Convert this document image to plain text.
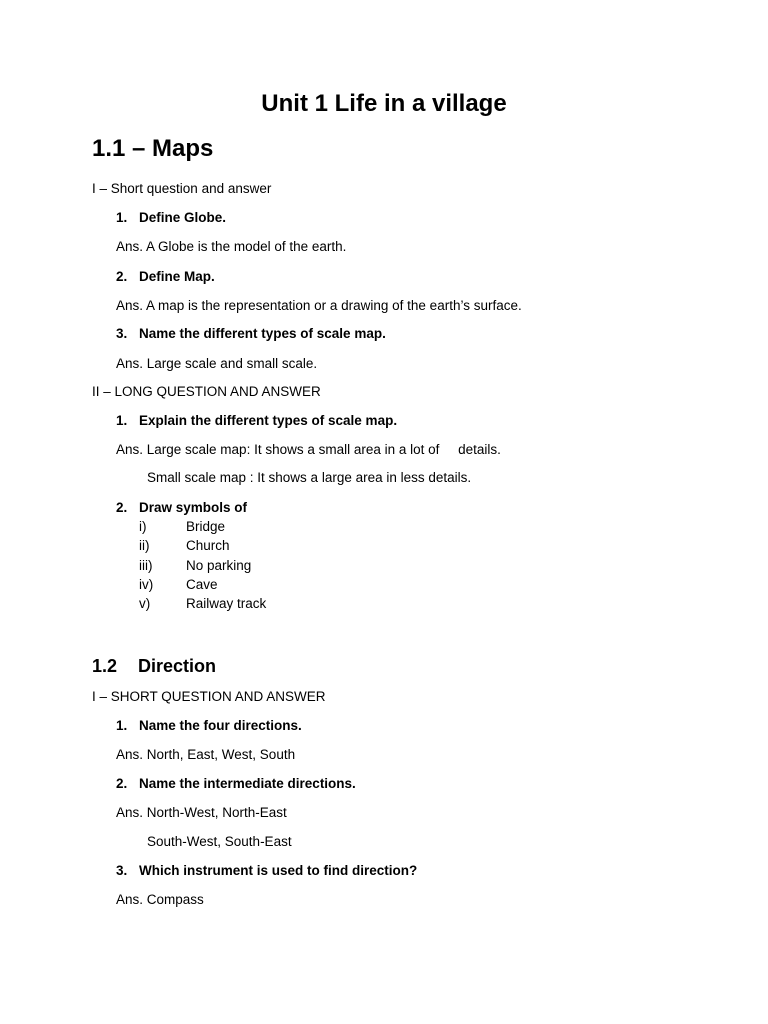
Unit 1 Life in a village
1.1 – Maps
I – Short question and answer
1. Define Globe.
Ans. A Globe is the model of the earth.
2. Define Map.
Ans. A map is the representation or a drawing of the earth’s surface.
3. Name the different types of scale map.
Ans. Large scale and small scale.
II – LONG QUESTION AND ANSWER
1. Explain the different types of scale map.
Ans. Large scale map: It shows a small area in a lot of     details.
Small scale map : It shows a large area in less details.
2. Draw symbols of
i)	Bridge
ii)	Church
iii) No parking
iv) Cave
v)	Railway track
1.2 Direction
I – SHORT QUESTION AND ANSWER
1. Name the four directions.
Ans. North, East, West, South
2. Name the intermediate directions.
Ans. North-West, North-East
South-West, South-East
3. Which instrument is used to find direction?
Ans. Compass
